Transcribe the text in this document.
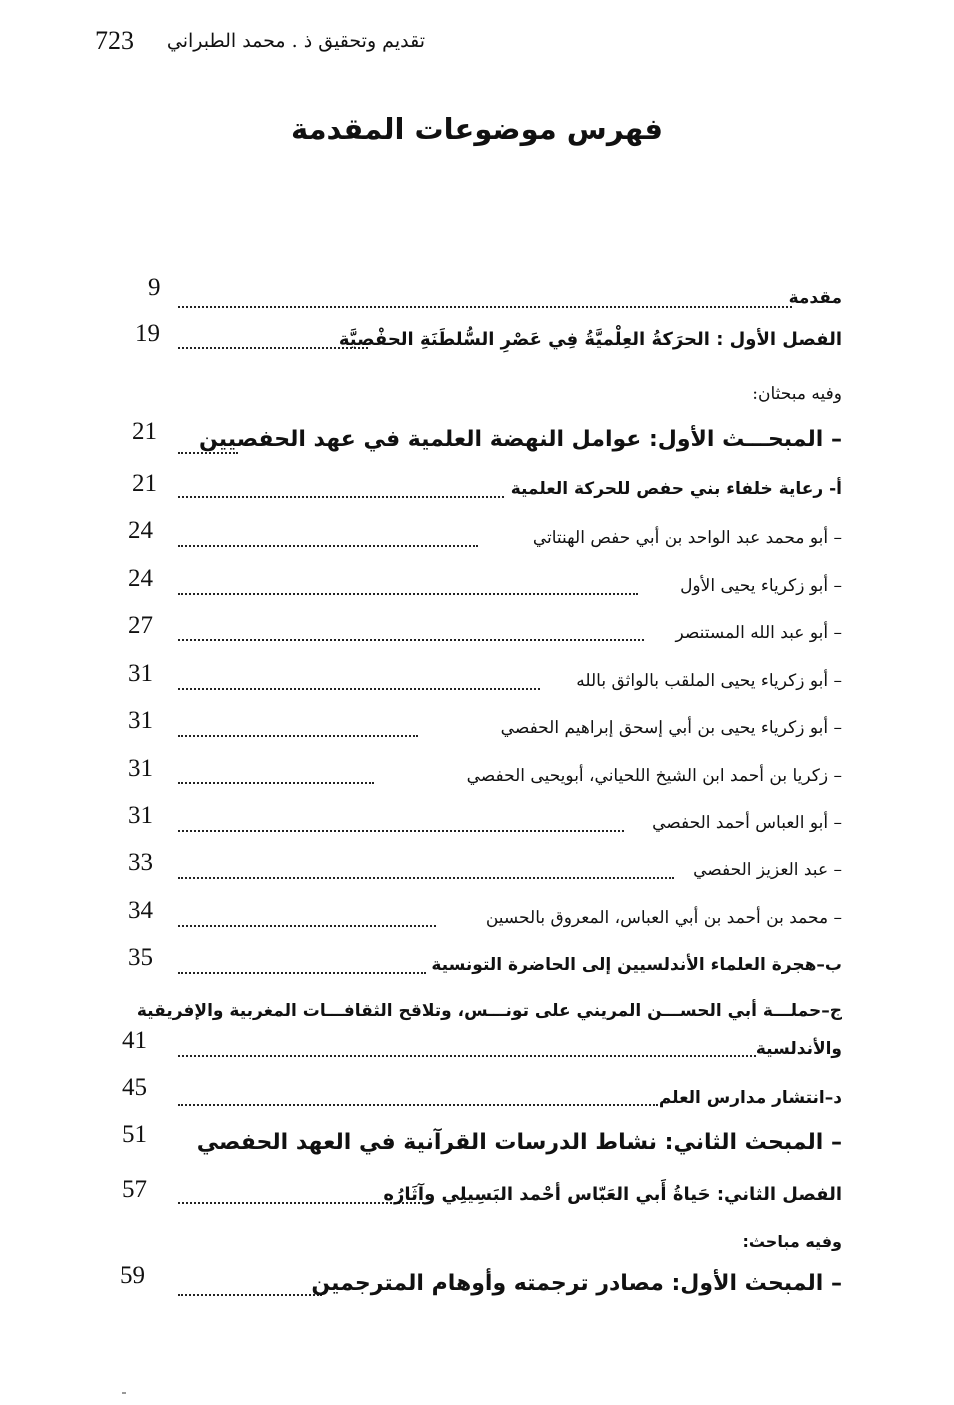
723 تقديم وتحقيق ذ . محمد الطبراني
فهرس موضوعات المقدمة
9	مقدمة
19	الفصل الأول : الحرَكةُ العِلْميَّةُ فِي عَصْرِ السُّلطَنَةِ الحفْصيَّة
وفيه مبحثان:
21	– المبحـــث الأول: عوامل النهضة العلمية في عهد الحفصيين
21	أ- رعاية خلفاء بني حفص للحركة العلمية
24	– أبو محمد عبد الواحد بن أبي حفص الهنتاتي
24	– أبو زكرياء يحيى الأول
27	– أبو عبد الله المستنصر
31	– أبو زكرياء يحيى الملقب بالواثق بالله
31	– أبو زكرياء يحيى بن أبي إسحق إبراهيم الحفصي
31	– زكريا بن أحمد ابن الشيخ اللحياني، أبويحيى الحفصي
31	– أبو العباس أحمد الحفصي
33	– عبد العزيز الحفصي
34	– محمد بن أحمد بن أبي العباس، المعروق بالحسين
35	ب–هجرة العلماء الأندلسيين إلى الحاضرة التونسية
ج–حملـــة أبي الحســـن المريني على تونـــس، وتلاقح الثقافـــات المغربية والإفريقية
41	والأندلسية
45	د–انتشار مدارس العلم
51	– المبحث الثاني: نشاط الدرسات القرآنية في العهد الحفصي
57	الفصل الثاني: حَياةُ أَبي العَبّاس أحْمد البَسِيلِي وآثَارُه
وفيه مباحث:
59	– المبحث الأول: مصادر ترجمته وأوهام المترجمين
